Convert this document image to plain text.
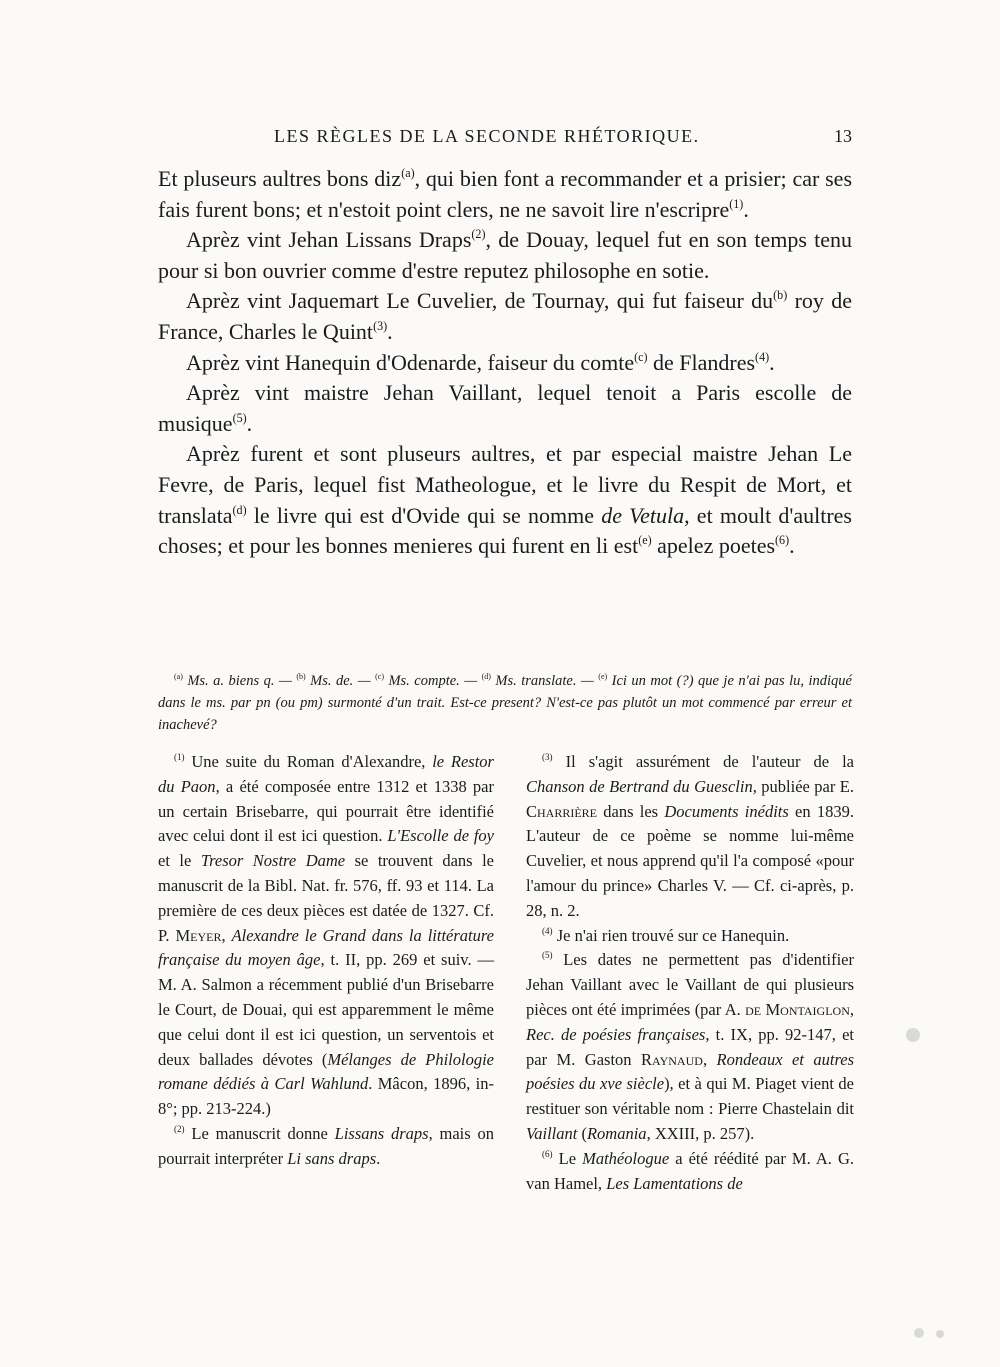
LES RÈGLES DE LA SECONDE RHÉTORIQUE.	13

Et pluseurs aultres bons diz$^{(a)}$, qui bien font a recommander et a prisier; car ses fais furent bons; et n'estoit point clers, ne ne savoit lire n'escripre$^{(1)}$.

Aprèz vint Jehan Lissans Draps$^{(2)}$, de Douay, lequel fut en son temps tenu pour si bon ouvrier comme d'estre reputez philosophe en sotie.

Aprèz vint Jaquemart Le Cuvelier, de Tournay, qui fut faiseur $du^{(b)}$ roy de France, Charles le Quint$^{(3)}$.

Aprèz vint Hanequin d'Odenarde, faiseur du comte$^{(c)}$ de Flandres$^{(4)}$.

Aprèz vint maistre Jehan Vaillant, lequel tenoit a Paris escolle de musique$^{(5)}$.

Aprèz furent et sont pluseurs aultres, et par especial maistre Jehan Le Fevre, de Paris, lequel fist Matheologue, et le livre du Respit de Mort, et translata$^{(d)}$ le livre qui est d'Ovide qui se nomme de Vetula, et moult d'aultres choses; et pour les bonnes menieres qui furent en li est$^{(e)}$ apelez poetes$^{(6)}$.

$^{(a)}$ Ms. a. biens q. — $^{(b)}$ Ms. de. — $^{(c)}$ Ms. compte. — $^{(d)}$ Ms. translate. — $^{(e)}$ Ici un mot (?) que je n'ai pas lu, indiqué dans le ms. par pn (ou pm) surmonté d'un trait. Est-ce present? N'est-ce pas plutôt un mot commencé par erreur et inachevé?

$^{(1)}$ Une suite du Roman d'Alexandre, le Restor du Paon, a été composée entre 1312 et 1338 par un certain Brisebarre, qui pourrait être identifié avec celui dont il est ici question. L'Escolle de foy et le Tresor Nostre Dame se trouvent dans le manuscrit de la Bibl. Nat. fr. 576, ff. 93 et 114. La première de ces deux pièces est datée de 1327. Cf. P. Meyer, Alexandre le Grand dans la littérature française du moyen âge, t. II, pp. 269 et suiv. — M. A. Salmon a récemment publié d'un Brisebarre le Court, de Douai, qui est apparemment le même que celui dont il est ici question, un serventois et deux ballades dévotes (Mélanges de Philologie romane dédiés à Carl Wahlund. Mâcon, 1896, in-8°; pp. 213-224.)

$^{(2)}$ Le manuscrit donne Lissans draps, mais on pourrait interpréter Li sans draps.

$^{(3)}$ Il s'agit assurément de l'auteur de la Chanson de Bertrand du Guesclin, publiée par E. Charrière dans les Documents inédits en 1839. L'auteur de ce poème se nomme lui-même Cuvelier, et nous apprend qu'il l'a composé «pour l'amour du prince» Charles V. — Cf. ci-après, p. 28, n. 2.

$^{(4)}$ Je n'ai rien trouvé sur ce Hanequin.

$^{(5)}$ Les dates ne permettent pas d'identifier Jehan Vaillant avec le Vaillant de qui plusieurs pièces ont été imprimées (par A. de Montaiglon, Rec. de poésies françaises, t. IX, pp. 92-147, et par M. Gaston Raynaud, Rondeaux et autres poésies du xve siècle), et à qui M. Piaget vient de restituer son véritable nom : Pierre Chastelain dit Vaillant (Romania, XXIII, p. 257).

$^{(6)}$ Le Mathéologue a été réédité par M. A. G. van Hamel, Les Lamentations de
